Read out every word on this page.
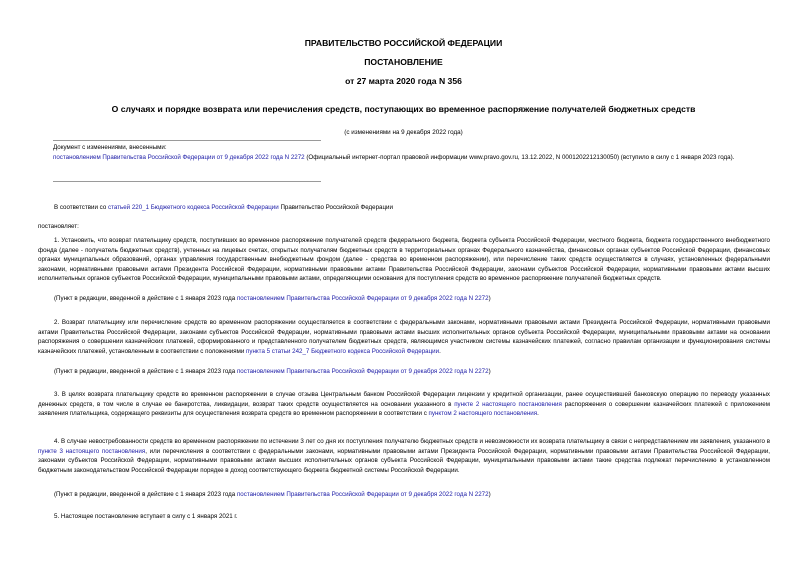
ПРАВИТЕЛЬСТВО РОССИЙСКОЙ ФЕДЕРАЦИИ
ПОСТАНОВЛЕНИЕ
от 27 марта 2020 года N 356
О случаях и порядке возврата или перечисления средств, поступающих во временное распоряжение получателей бюджетных средств
(с изменениями на 9 декабря 2022 года)
Документ с изменениями, внесенными:
постановлением Правительства Российской Федерации от 9 декабря 2022 года N 2272 (Официальный интернет-портал правовой информации www.pravo.gov.ru, 13.12.2022, N 0001202212130050) (вступило в силу с 1 января 2023 года).
В соответствии со статьей 220_1 Бюджетного кодекса Российской Федерации Правительство Российской Федерации
постановляет:
1. Установить, что возврат плательщику средств, поступивших во временное распоряжение получателей средств федерального бюджета, бюджета субъекта Российской Федерации, местного бюджета, бюджета государственного внебюджетного фонда (далее - получатель бюджетных средств), учтенных на лицевых счетах, открытых получателям бюджетных средств в территориальных органах Федерального казначейства, финансовых органах субъектов Российской Федерации, финансовых органах муниципальных образований, органах управления государственным внебюджетным фондом (далее - средства во временном распоряжении), или перечисление таких средств осуществляется в случаях, установленных федеральными законами, нормативными правовыми актами Президента Российской Федерации, нормативными правовыми актами Правительства Российской Федерации, законами субъектов Российской Федерации, нормативными правовыми актами высших исполнительных органов субъектов Российской Федерации, муниципальными правовыми актами, определяющими основания для поступления средств во временное распоряжение получателей бюджетных средств.
(Пункт в редакции, введенной в действие с 1 января 2023 года постановлением Правительства Российской Федерации от 9 декабря 2022 года N 2272)
2. Возврат плательщику или перечисление средств во временном распоряжении осуществляется в соответствии с федеральными законами, нормативными правовыми актами Президента Российской Федерации, нормативными правовыми актами Правительства Российской Федерации, законами субъектов Российской Федерации, нормативными правовыми актами высших исполнительных органов субъекта Российской Федерации, муниципальными правовыми актами на основании распоряжения о совершении казначейских платежей, сформированного и представленного получателем бюджетных средств, являющимся участником системы казначейских платежей, согласно правилам организации и функционирования системы казначейских платежей, установленным в соответствии с положениями пункта 5 статьи 242_7 Бюджетного кодекса Российской Федерации.
(Пункт в редакции, введенной в действие с 1 января 2023 года постановлением Правительства Российской Федерации от 9 декабря 2022 года N 2272)
3. В целях возврата плательщику средств во временном распоряжении в случае отзыва Центральным банком Российской Федерации лицензии у кредитной организации, ранее осуществившей банковскую операцию по переводу указанных денежных средств, в том числе в случае ее банкротства, ликвидации, возврат таких средств осуществляется на основании указанного в пункте 2 настоящего постановления распоряжения о совершении казначейских платежей с приложением заявления плательщика, содержащего реквизиты для осуществления возврата средств во временном распоряжении в соответствии с пунктом 2 настоящего постановления.
4. В случае невостребованности средств во временном распоряжении по истечении 3 лет со дня их поступления получателю бюджетных средств и невозможности их возврата плательщику в связи с непредставлением им заявления, указанного в пункте 3 настоящего постановления, или перечисления в соответствии с федеральными законами, нормативными правовыми актами Президента Российской Федерации, нормативными правовыми актами Правительства Российской Федерации, законами субъектов Российской Федерации, нормативными правовыми актами высших исполнительных органов субъекта Российской Федерации, муниципальными правовыми актами такие средства подлежат перечислению в установленном бюджетным законодательством Российской Федерации порядке в доход соответствующего бюджета бюджетной системы Российской Федерации.
(Пункт в редакции, введенной в действие с 1 января 2023 года постановлением Правительства Российской Федерации от 9 декабря 2022 года N 2272)
5. Настоящее постановление вступает в силу с 1 января 2021 г.
